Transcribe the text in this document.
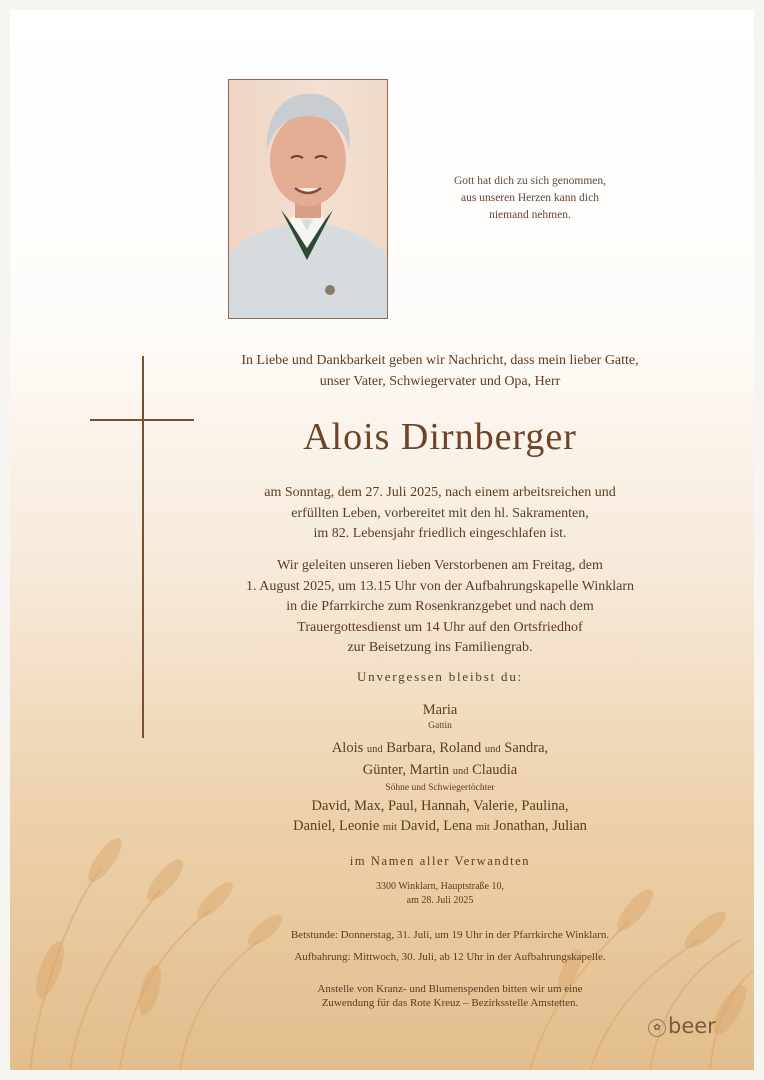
Gott hat dich zu sich genommen,
aus unseren Herzen kann dich
niemand nehmen.
In Liebe und Dankbarkeit geben wir Nachricht, dass mein lieber Gatte,
unser Vater, Schwiegervater und Opa, Herr
Alois Dirnberger
am Sonntag, dem 27. Juli 2025, nach einem arbeitsreichen und
erfüllten Leben, vorbereitet mit den hl. Sakramenten,
im 82. Lebensjahr friedlich eingeschlafen ist.
Wir geleiten unseren lieben Verstorbenen am Freitag, dem
1. August 2025, um 13.15 Uhr von der Aufbahrungskapelle Winklarn
in die Pfarrkirche zum Rosenkranzgebet und nach dem
Trauergottesdienst um 14 Uhr auf den Ortsfriedhof
zur Beisetzung ins Familiengrab.
Unvergessen bleibst du:
Maria
Gattin
Alois und Barbara, Roland und Sandra,
Günter, Martin und Claudia
Söhne und Schwiegertöchter
David, Max, Paul, Hannah, Valerie, Paulina,
Daniel, Leonie mit David, Lena mit Jonathan, Julian
im Namen aller Verwandten
3300 Winklarn, Hauptstraße 10,
am 28. Juli 2025
Betstunde: Donnerstag, 31. Juli, um 19 Uhr in der Pfarrkirche Winklarn.
Aufbahrung: Mittwoch, 30. Juli, ab 12 Uhr in der Aufbahrungskapelle.
Anstelle von Kranz- und Blumenspenden bitten wir um eine
Zuwendung für das Rote Kreuz – Bezirksstelle Amstetten.
✿ beer
